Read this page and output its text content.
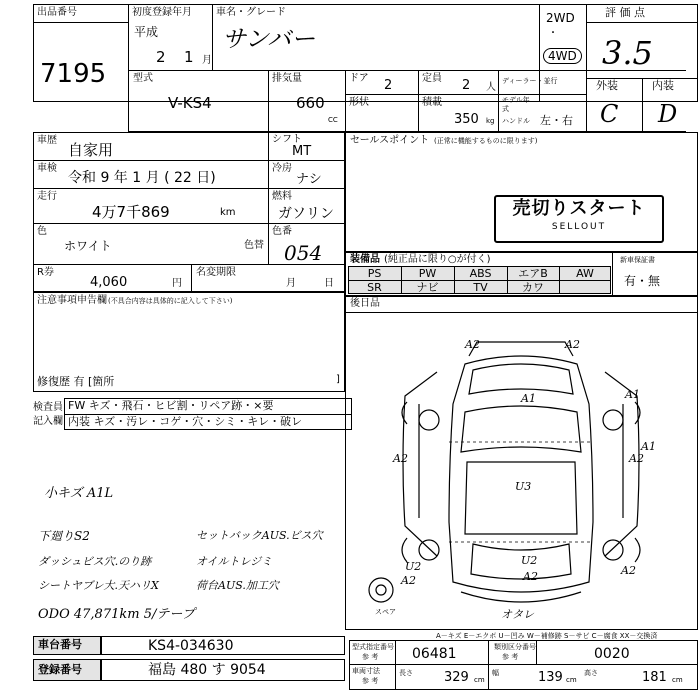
出品番号
7195
初度登録年月
平成
2 1 月
車名・グレード
サンバー
2WD
・
4WD
評 価 点
3.5
外装	内装
C D
型式
V-KS4
排気量
660
CC
ドア 2	定員 2 人
ディーラー・並行
形状	積載
350 kg
モデル年式
ハンドル 左・右
車歴
自家用
車検
令和 9 年 1 月 ( 22 日)
走行
4万7千869	km
色
ホワイト	色替
R券
4,060	円
名変期限
月	日
シフト
MT
冷房
ナシ
燃料
ガソリン
色番
054
セールスポイント (正常に機能するものに限ります)
売切りスタート
SELLOUT
装備品 (純正品に限り○が付く)	新車保証書
有・無
PS	PW	ABS	エアB	AW
SR	ナビ	TV	カワ
注意事項申告欄 (不具合内容は具体的に記入して下さい)
修復歴 有 [箇所	]
後日品
検査員
記入欄
FW キズ・飛石・ヒビ割・リペア跡・×要
内装 キズ・汚レ・コゲ・穴・シミ・キレ・破レ
小キズ A1L
下廻りS2	セットバックAUS.ビス穴
ダッシュビス穴.のり跡	オイルトレジミ
シートヤブレ大.天ハリX	荷台AUS.加工穴
ODO 47,871km 5/テープ
A2	A2
A1	A1
A2
A1
U3
A2
U2
A2
U2
A2	A2
オタレ
スペア
A－キズ E－エクボ U－凹み W－補修跡 S－サビ C－腐食 XX－交換済
車台番号	KS4-034630
登録番号	福島 480 す 9054
型式指定番号
参 考 06481	類別区分番号
参 考	0020
車両寸法
参 考
長さ 329 cm
幅	139 cm
高さ	181 cm
